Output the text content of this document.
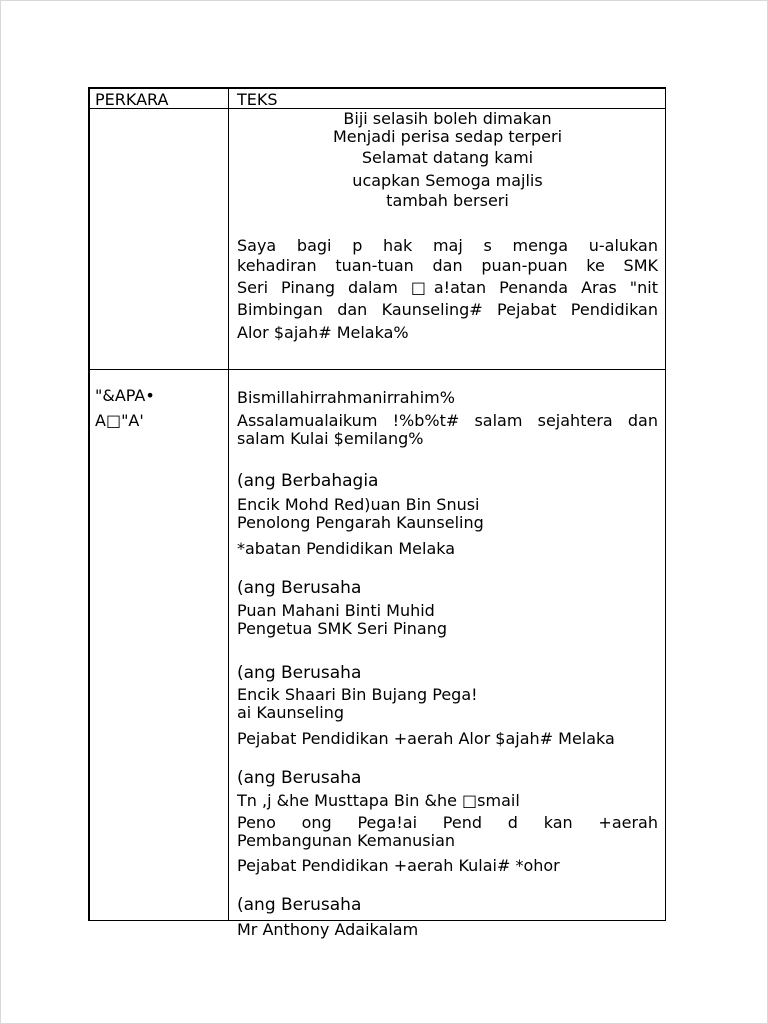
PERKARA	TEKS
Biji selasih boleh dimakan
Menjadi perisa sedap terperi
Selamat datang kami
ucapkan Semoga majlis
tambah berseri
Saya bagi p hak maj s menga u-alukan
kehadiran tuan-tuan dan puan-puan ke SMK
Seri Pinang dalam □a!atan Penanda Aras "nit
Bimbingan dan Kaunseling# Pejabat Pendidikan
Alor $ajah# Melaka%
"&APA•
A□"A'
Bismillahirrahmanirrahim%
Assalamualaikum !%b%t# salam sejahtera dan
salam Kulai $emilang%
(ang Berbahagia
Encik Mohd Red)uan Bin Snusi
Penolong Pengarah Kaunseling
*abatan Pendidikan Melaka
(ang Berusaha
Puan Mahani Binti Muhid
Pengetua SMK Seri Pinang
(ang Berusaha
Encik Shaari Bin Bujang Pega!
ai Kaunseling
Pejabat Pendidikan +aerah Alor $ajah# Melaka
(ang Berusaha
Tn ,j &he Musttapa Bin &he □smail
Peno ong Pega!ai Pend d kan +aerah
Pembangunan Kemanusian
Pejabat Pendidikan +aerah Kulai# *ohor
(ang Berusaha
Mr Anthony Adaikalam
